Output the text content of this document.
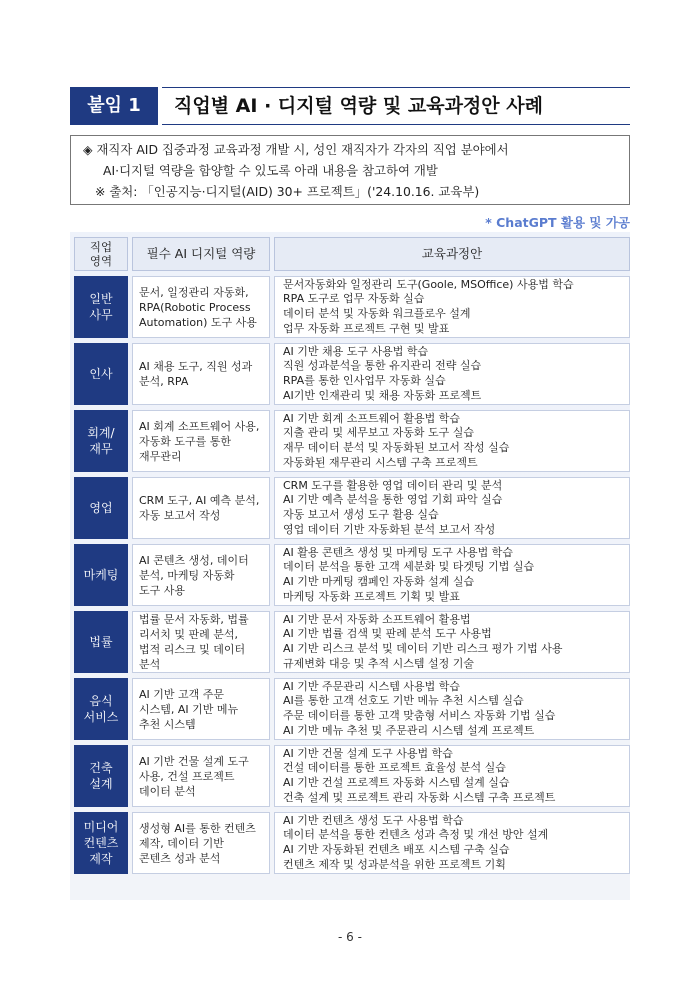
붙임 1	직업별 AI · 디지털 역량 및 교육과정안 사례
◈ 재직자 AID 집중과정 교육과정 개발 시, 성인 재직자가 각자의 직업 분야에서
AI·디지털 역량을 함양할 수 있도록 아래 내용을 참고하여 개발
※ 출처: 「인공지능·디지털(AID) 30+ 프로젝트」('24.10.16. 교육부)
* ChatGPT 활용 및 가공
직업
영역	필수 AI 디지털 역량	교육과정안

일반
사무	문서, 일정관리 자동화,
RPA(Robotic Process
Automation) 도구 사용	문서자동화와 일정관리 도구(Goole, MSOffice) 사용법 학습
RPA 도구로 업무 자동화 실습
데이터 분석 및 자동화 워크플로우 설계
업무 자동화 프로젝트 구현 및 발표

인사	AI 채용 도구, 직원 성과
분석, RPA	AI 기반 채용 도구 사용법 학습
직원 성과분석을 통한 유지관리 전략 실습
RPA를 통한 인사업무 자동화 실습
AI기반 인재관리 및 채용 자동화 프로젝트

회계/
재무	AI 회계 소프트웨어 사용,
자동화 도구를 통한
재무관리	AI 기반 회계 소프트웨어 활용법 학습
지출 관리 및 세무보고 자동화 도구 실습
재무 데이터 분석 및 자동화된 보고서 작성 실습
자동화된 재무관리 시스템 구축 프로젝트

영업	CRM 도구, AI 예측 분석,
자동 보고서 작성	CRM 도구를 활용한 영업 데이터 관리 및 분석
AI 기반 예측 분석을 통한 영업 기회 파악 실습
자동 보고서 생성 도구 활용 실습
영업 데이터 기반 자동화된 분석 보고서 작성

마케팅	AI 콘텐츠 생성, 데이터
분석, 마케팅 자동화
도구 사용	AI 활용 콘텐츠 생성 및 마케팅 도구 사용법 학습
데이터 분석을 통한 고객 세분화 및 타겟팅 기법 실습
AI 기반 마케팅 캠페인 자동화 설계 실습
마케팅 자동화 프로젝트 기획 및 발표

법률	법률 문서 자동화, 법률
리서치 및 판례 분석,
법적 리스크 및 데이터
분석	AI 기반 문서 자동화 소프트웨어 활용법
AI 기반 법률 검색 및 판례 분석 도구 사용법
AI 기반 리스크 분석 및 데이터 기반 리스크 평가 기법 사용
규제변화 대응 및 추적 시스템 설정 기술

음식
서비스	AI 기반 고객 주문
시스템, AI 기반 메뉴
추천 시스템	AI 기반 주문관리 시스템 사용법 학습
AI를 통한 고객 선호도 기반 메뉴 추천 시스템 실습
주문 데이터를 통한 고객 맞춤형 서비스 자동화 기법 실습
AI 기반 메뉴 추천 및 주문관리 시스템 설계 프로젝트

건축
설계	AI 기반 건물 설계 도구
사용, 건설 프로젝트
데이터 분석	AI 기반 건물 설계 도구 사용법 학습
건설 데이터를 통한 프로젝트 효율성 분석 실습
AI 기반 건설 프로젝트 자동화 시스템 설계 실습
건축 설계 및 프로젝트 관리 자동화 시스템 구축 프로젝트

미디어
컨텐츠
제작	생성형 AI를 통한 컨텐츠
제작, 데이터 기반
콘텐츠 성과 분석	AI 기반 컨텐츠 생성 도구 사용법 학습
데이터 분석을 통한 컨텐츠 성과 측정 및 개선 방안 설계
AI 기반 자동화된 컨텐츠 배포 시스템 구축 실습
컨텐츠 제작 및 성과분석을 위한 프로젝트 기획
- 6 -
